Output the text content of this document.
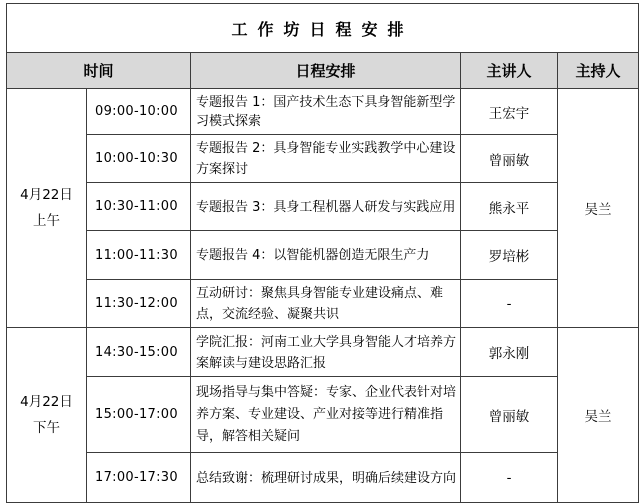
工作坊日程安排				
时间		日程安排	主讲人	主持人
4月22日
上午	09:00-10:00	专题报告 1：国产技术生态下具身智能新型学习模式探索	王宏宇	吴兰
	10:00-10:30	专题报告 2：具身智能专业实践教学中心建设方案探讨	曾丽敏	
	10:30-11:00	专题报告 3：具身工程机器人研发与实践应用	熊永平	
	11:00-11:30	专题报告 4：以智能机器创造无限生产力	罗培彬	
	11:30-12:00	互动研讨：聚焦具身智能专业建设痛点、难点，交流经验、凝聚共识	-	
4月22日
下午	14:30-15:00	学院汇报：河南工业大学具身智能人才培养方案解读与建设思路汇报	郭永刚	吴兰
	15:00-17:00	现场指导与集中答疑：专家、企业代表针对培养方案、专业建设、产业对接等进行精准指导，解答相关疑问	曾丽敏	
	17:00-17:30	总结致谢：梳理研讨成果，明确后续建设方向	-	
